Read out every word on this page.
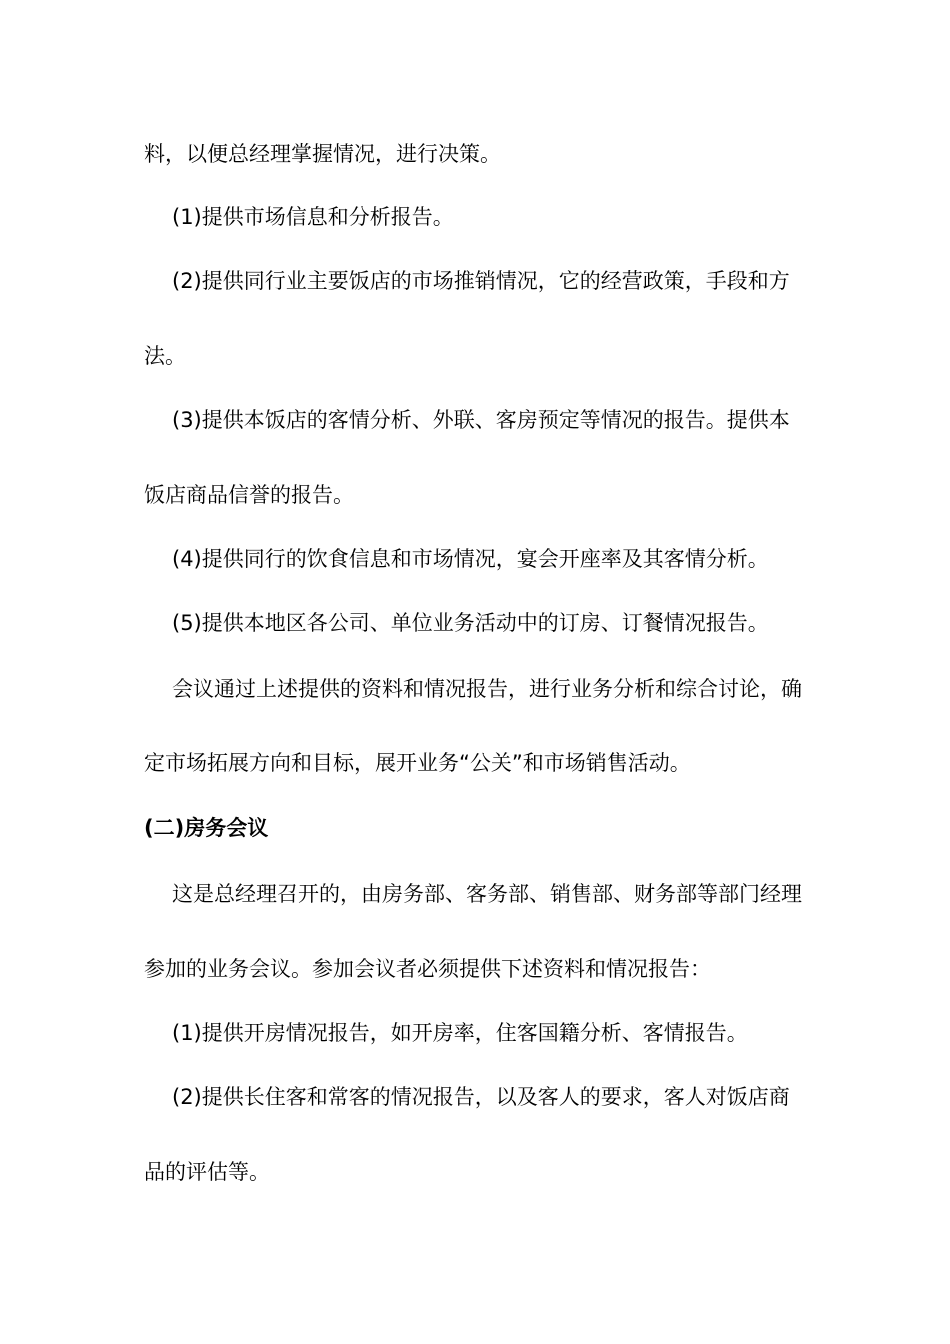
料，以便总经理掌握情况，进行决策。

(1)提供市场信息和分析报告。

(2)提供同行业主要饭店的市场推销情况，它的经营政策，手段和方

法。

(3)提供本饭店的客情分析、外联、客房预定等情况的报告。提供本

饭店商品信誉的报告。

(4)提供同行的饮食信息和市场情况，宴会开座率及其客情分析。

(5)提供本地区各公司、单位业务活动中的订房、订餐情况报告。

会议通过上述提供的资料和情况报告，进行业务分析和综合讨论，确

定市场拓展方向和目标，展开业务“公关”和市场销售活动。

(二)房务会议

这是总经理召开的，由房务部、客务部、销售部、财务部等部门经理

参加的业务会议。参加会议者必须提供下述资料和情况报告：

(1)提供开房情况报告，如开房率，住客国籍分析、客情报告。

(2)提供长住客和常客的情况报告，以及客人的要求，客人对饭店商

品的评估等。
